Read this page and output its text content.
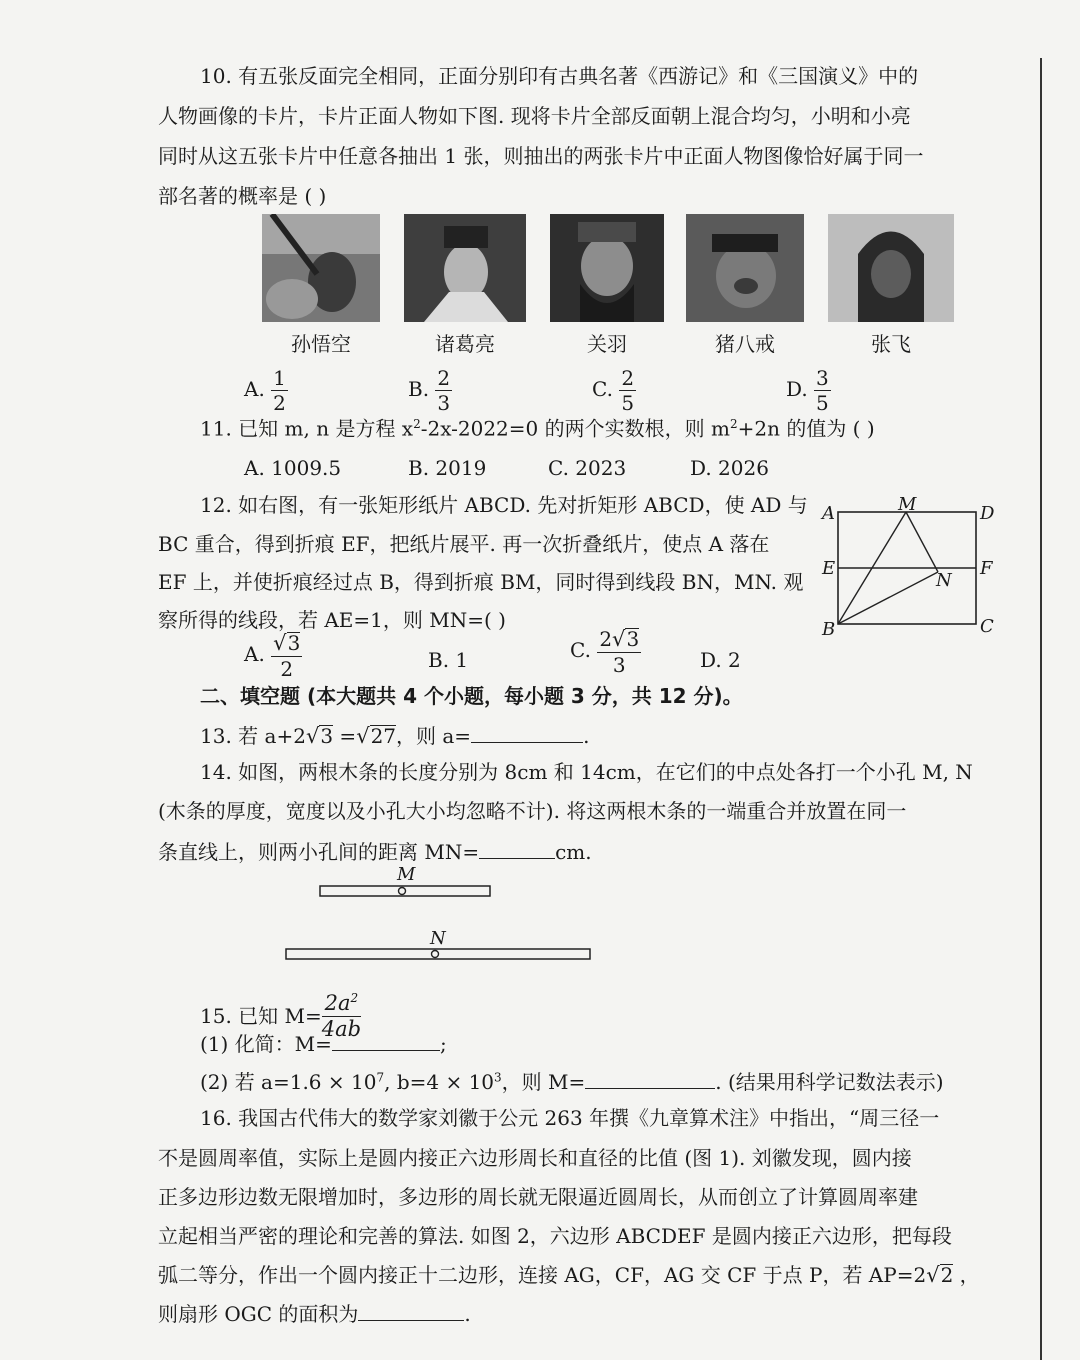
10. 有五张反面完全相同，正面分别印有古典名著《西游记》和《三国演义》中的
人物画像的卡片，卡片正面人物如下图. 现将卡片全部反面朝上混合均匀，小明和小亮
同时从这五张卡片中任意各抽出 1 张，则抽出的两张卡片中正面人物图像恰好属于同一
部名著的概率是 ( )
孙悟空	诸葛亮	关羽	猪八戒	张飞
A. $\frac{1}{2}$	B. $\frac{2}{3}$	C. $\frac{2}{5}$	D. $\frac{3}{5}$
11. 已知 m, n 是方程 $x^2-2x-2022=0$ 的两个实数根，则 $m^2+2n$ 的值为 ( )
A. 1009.5	B. 2019	C. 2023	D. 2026
12. 如右图，有一张矩形纸片 ABCD. 先对折矩形 ABCD，使 AD 与
BC 重合，得到折痕 EF，把纸片展平. 再一次折叠纸片，使点 A 落在
EF 上，并使折痕经过点 B，得到折痕 BM，同时得到线段 BN，MN. 观
察所得的线段，若 AE=1，则 MN=( )
A	M	D
E	F
N
B	C
A. $\frac{√3}{2}$	B. 1	C. $\frac{2√3}{3}$	D. 2
二、填空题 (本大题共 4 个小题，每小题 3 分，共 12 分)。
13. 若 a+2√3 =√27，则 a=	.
14. 如图，两根木条的长度分别为 8cm 和 14cm，在它们的中点处各打一个小孔 M, N
(木条的厚度，宽度以及小孔大小均忽略不计). 将这两根木条的一端重合并放置在同一
条直线上，则两小孔间的距离 MN=	cm.
M
N
15. 已知 $M= \frac{2a^2}{4ab}$
(1) 化简：M=	;
(2) 若 $a=1.6 \times 10^7$, $b=4 \times 10^3$，则 M=	. (结果用科学记数法表示)
16. 我国古代伟大的数学家刘徽于公元 263 年撰《九章算术注》中指出，“周三径一
不是圆周率值，实际上是圆内接正六边形周长和直径的比值 (图 1). 刘徽发现，圆内接
正多边形边数无限增加时，多边形的周长就无限逼近圆周长，从而创立了计算圆周率建
立起相当严密的理论和完善的算法. 如图 2，六边形 ABCDEF 是圆内接正六边形，把每段
弧二等分，作出一个圆内接正十二边形，连接 AG，CF，AG 交 CF 于点 P，若 AP=2√2 ，
则扇形 OGC 的面积为	.
